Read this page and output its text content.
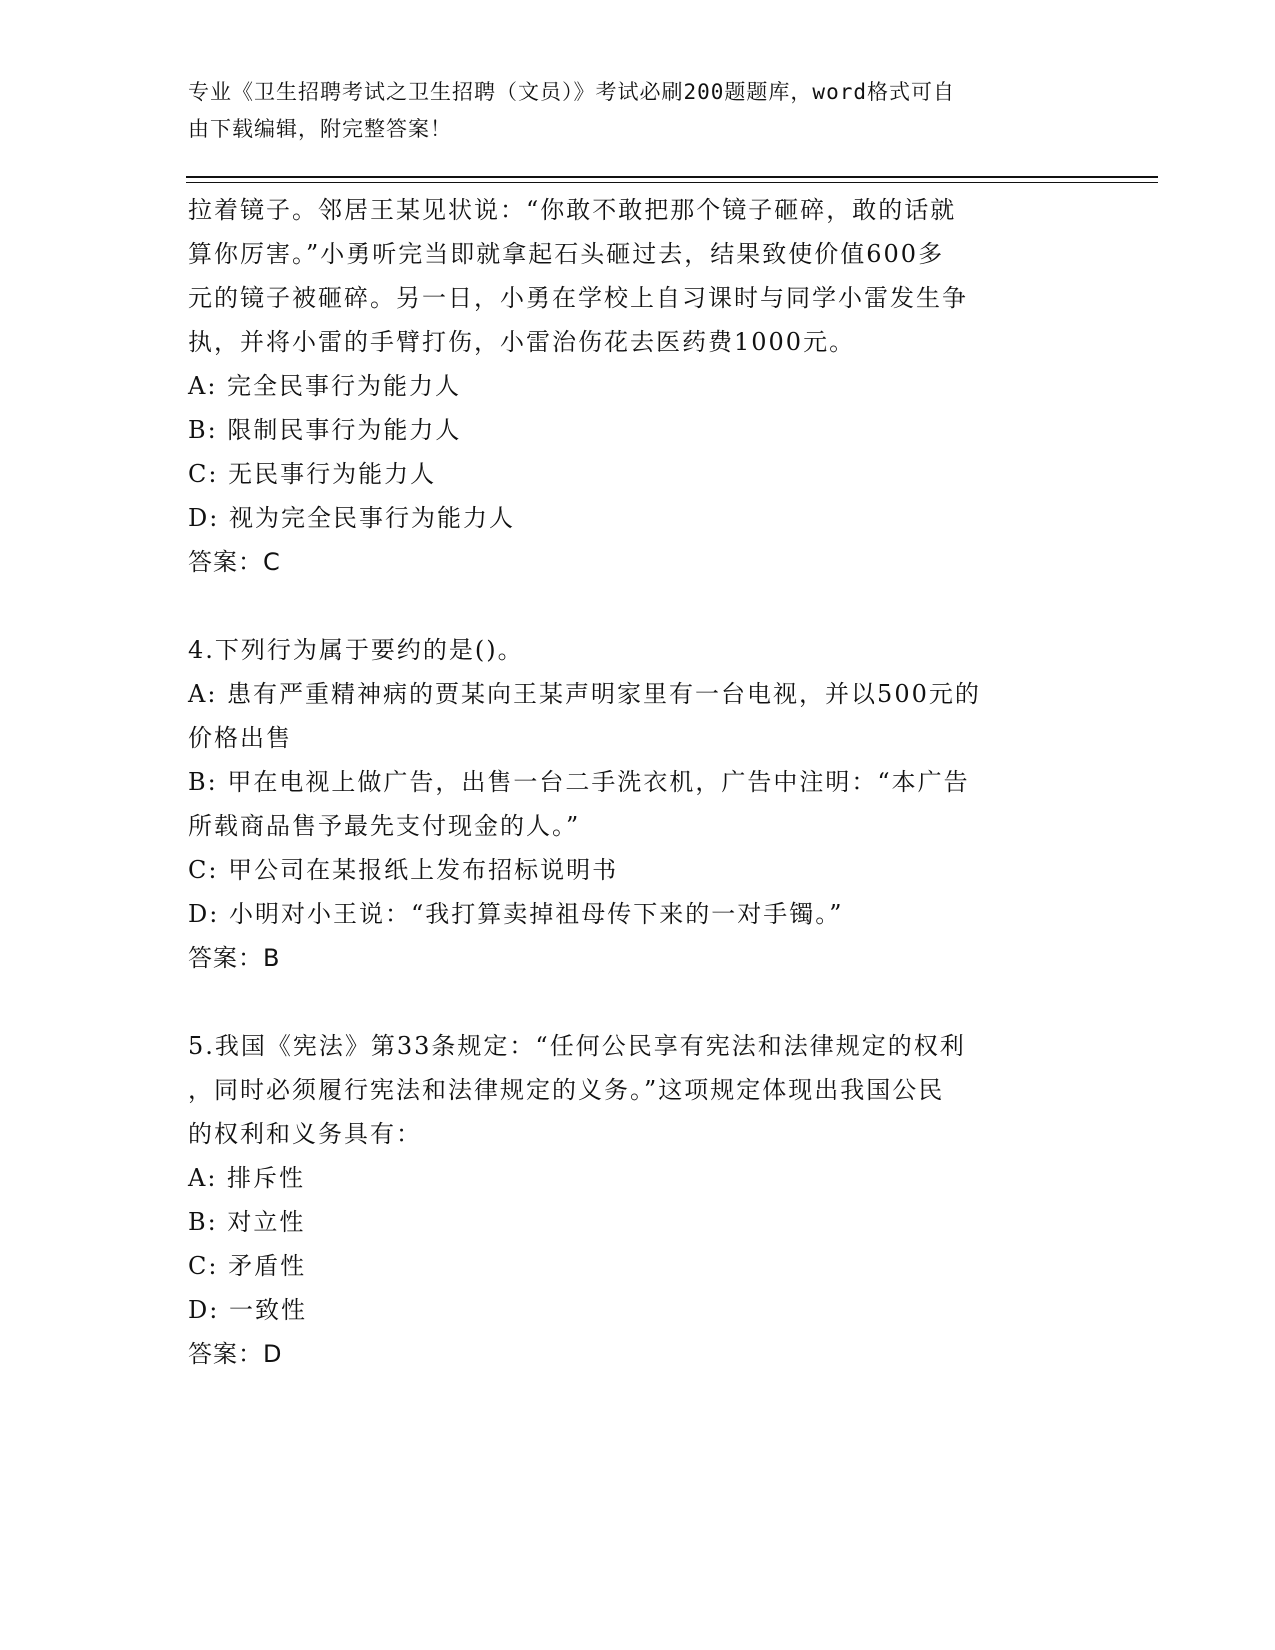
专业《卫生招聘考试之卫生招聘（文员）》考试必刷200题题库，word格式可自
由下载编辑，附完整答案！
拉着镜子。邻居王某见状说：“你敢不敢把那个镜子砸碎，敢的话就
算你厉害。”小勇听完当即就拿起石头砸过去，结果致使价值600多
元的镜子被砸碎。另一日，小勇在学校上自习课时与同学小雷发生争
执，并将小雷的手臂打伤，小雷治伤花去医药费1000元。
A: 完全民事行为能力人
B: 限制民事行为能力人
C: 无民事行为能力人
D: 视为完全民事行为能力人
答案：C
4.下列行为属于要约的是()。
A: 患有严重精神病的贾某向王某声明家里有一台电视，并以500元的
价格出售
B: 甲在电视上做广告，出售一台二手洗衣机，广告中注明：“本广告
所载商品售予最先支付现金的人。”
C: 甲公司在某报纸上发布招标说明书
D: 小明对小王说：“我打算卖掉祖母传下来的一对手镯。”
答案：B
5.我国《宪法》第33条规定：“任何公民享有宪法和法律规定的权利
，同时必须履行宪法和法律规定的义务。”这项规定体现出我国公民
的权利和义务具有：
A: 排斥性
B: 对立性
C: 矛盾性
D: 一致性
答案：D
